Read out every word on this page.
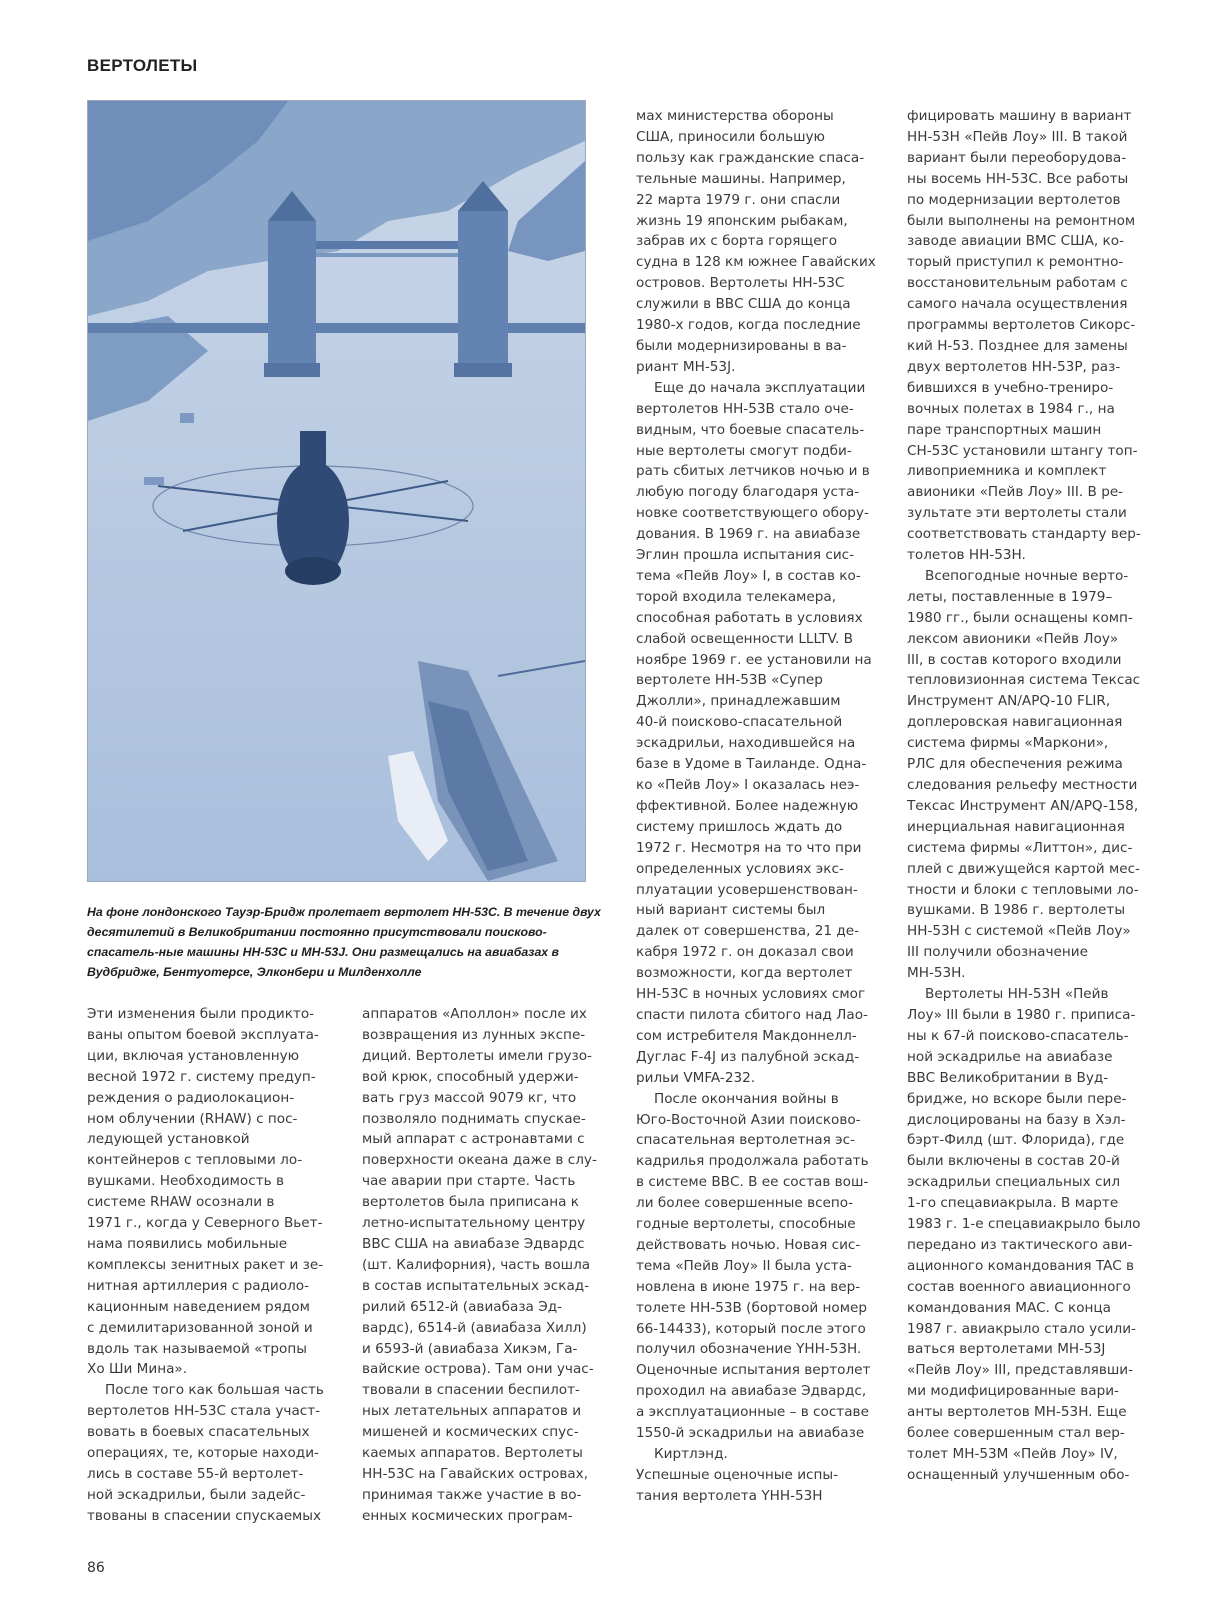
ВЕРТОЛЕТЫ
На фоне лондонского Тауэр-Бридж пролетает вертолет HH-53C. В течение двух десятилетий в Великобритании постоянно присутствовали поисково-спасатель-ные машины HH-53C и MH-53J. Они размещались на авиабазах в Вудбридже, Бентуотерсе, Элконбери и Милденхолле

Эти изменения были продикто-

ваны опытом боевой эксплуата-

ции, включая установленную

весной 1972 г. систему предуп-

реждения о радиолокацион-

ном облучении (RHAW) с пос-

ледующей установкой

контейнеров с тепловыми ло-

вушками. Необходимость в

системе RHAW осознали в

1971 г., когда у Северного Вьет-

нама появились мобильные

комплексы зенитных ракет и зе-

нитная артиллерия с радиоло-

кационным наведением рядом

с демилитаризованной зоной и

вдоль так называемой «тропы

Хо Ши Мина».

После того как большая часть

вертолетов HH-53C стала участ-

вовать в боевых спасательных

операциях, те, которые находи-

лись в составе 55-й вертолет-

ной эскадрильи, были задейс-

твованы в спасении спускаемых

аппаратов «Аполлон» после их

возвращения из лунных экспе-

диций. Вертолеты имели грузо-

вой крюк, способный удержи-

вать груз массой 9079 кг, что

позволяло поднимать спускае-

мый аппарат с астронавтами с

поверхности океана даже в слу-

чае аварии при старте. Часть

вертолетов была приписана к

летно-испытательному центру

ВВС США на авиабазе Эдвардс

(шт. Калифорния), часть вошла

в состав испытательных эскад-

рилий 6512-й (авиабаза Эд-

вардс), 6514-й (авиабаза Хилл)

и 6593-й (авиабаза Хикэм, Га-

вайские острова). Там они учас-

твовали в спасении беспилот-

ных летательных аппаратов и

мишеней и космических спус-

каемых аппаратов. Вертолеты

HH-53C на Гавайских островах,

принимая также участие в во-

енных космических програм-

мах министерства обороны

США, приносили большую

пользу как гражданские спаса-

тельные машины. Например,

22 марта 1979 г. они спасли

жизнь 19 японским рыбакам,

забрав их с борта горящего

судна в 128 км южнее Гавайских

островов. Вертолеты HH-53C

служили в ВВС США до конца

1980-х годов, когда последние

были модернизированы в ва-

риант MH-53J.

Еще до начала эксплуатации

вертолетов HH-53B стало оче-

видным, что боевые спасатель-

ные вертолеты смогут подби-

рать сбитых летчиков ночью и в

любую погоду благодаря уста-

новке соответствующего обору-

дования. В 1969 г. на авиабазе

Эглин прошла испытания сис-

тема «Пейв Лоу» I, в состав ко-

торой входила телекамера,

способная работать в условиях

слабой освещенности LLLTV. В

ноябре 1969 г. ее установили на

вертолете HH-53B «Супер

Джолли», принадлежавшим

40-й поисково-спасательной

эскадрильи, находившейся на

базе в Удоме в Таиланде. Одна-

ко «Пейв Лоу» I оказалась неэ-

ффективной. Более надежную

систему пришлось ждать до

1972 г. Несмотря на то что при

определенных условиях экс-

плуатации усовершенствован-

ный вариант системы был

далек от совершенства, 21 де-

кабря 1972 г. он доказал свои

возможности, когда вертолет

HH-53C в ночных условиях смог

спасти пилота сбитого над Лао-

сом истребителя Макдоннелл-

Дуглас F-4J из палубной эскад-

рильи VMFA-232.

После окончания войны в

Юго-Восточной Азии поисково-

спасательная вертолетная эс-

кадрилья продолжала работать

в системе ВВС. В ее состав вош-

ли более совершенные всепо-

годные вертолеты, способные

действовать ночью. Новая сис-

тема «Пейв Лоу» II была уста-

новлена в июне 1975 г. на вер-

толете HH-53B (бортовой номер

66-14433), который после этого

получил обозначение YHH-53H.

Оценочные испытания вертолет

проходил на авиабазе Эдвардс,

а эксплуатационные – в составе

1550-й эскадрильи на авиабазе

Киртлэнд.

Успешные оценочные испы-

тания вертолета YHH-53H

фицировать машину в вариант

HH-53H «Пейв Лоу» III. В такой

вариант были переоборудова-

ны восемь HH-53C. Все работы

по модернизации вертолетов

были выполнены на ремонтном

заводе авиации ВМС США, ко-

торый приступил к ремонтно-

восстановительным работам с

самого начала осуществления

программы вертолетов Сикорс-

кий H-53. Позднее для замены

двух вертолетов HH-53P, раз-

бившихся в учебно-трениро-

вочных полетах в 1984 г., на

паре транспортных машин

CH-53C установили штангу топ-

ливоприемника и комплект

авионики «Пейв Лоу» III. В ре-

зультате эти вертолеты стали

соответствовать стандарту вер-

толетов HH-53H.

Всепогодные ночные верто-

леты, поставленные в 1979–

1980 гг., были оснащены комп-

лексом авионики «Пейв Лоу»

III, в состав которого входили

тепловизионная система Тексас

Инструмент AN/APQ-10 FLIR,

доплеровская навигационная

система фирмы «Маркони»,

РЛС для обеспечения режима

следования рельефу местности

Тексас Инструмент AN/APQ-158,

инерциальная навигационная

система фирмы «Литтон», дис-

плей с движущейся картой мес-

тности и блоки с тепловыми ло-

вушками. В 1986 г. вертолеты

HH-53H с системой «Пейв Лоу»

III получили обозначение

MH-53H.

Вертолеты HH-53H «Пейв

Лоу» III были в 1980 г. приписа-

ны к 67-й поисково-спасатель-

ной эскадрилье на авиабазе

ВВС Великобритании в Вуд-

бридже, но вскоре были пере-

дислоцированы на базу в Хэл-

бэрт-Филд (шт. Флорида), где

были включены в состав 20-й

эскадрильи специальных сил

1-го спецавиакрыла. В марте

1983 г. 1-е спецавиакрыло было

передано из тактического ави-

ационного командования TAC в

состав военного авиационного

командования MAC. С конца

1987 г. авиакрыло стало усили-

ваться вертолетами MH-53J

«Пейв Лоу» III, представлявши-

ми модифицированные вари-

анты вертолетов MH-53H. Еще

более совершенным стал вер-

толет MH-53M «Пейв Лоу» IV,

оснащенный улучшенным обо-

86
